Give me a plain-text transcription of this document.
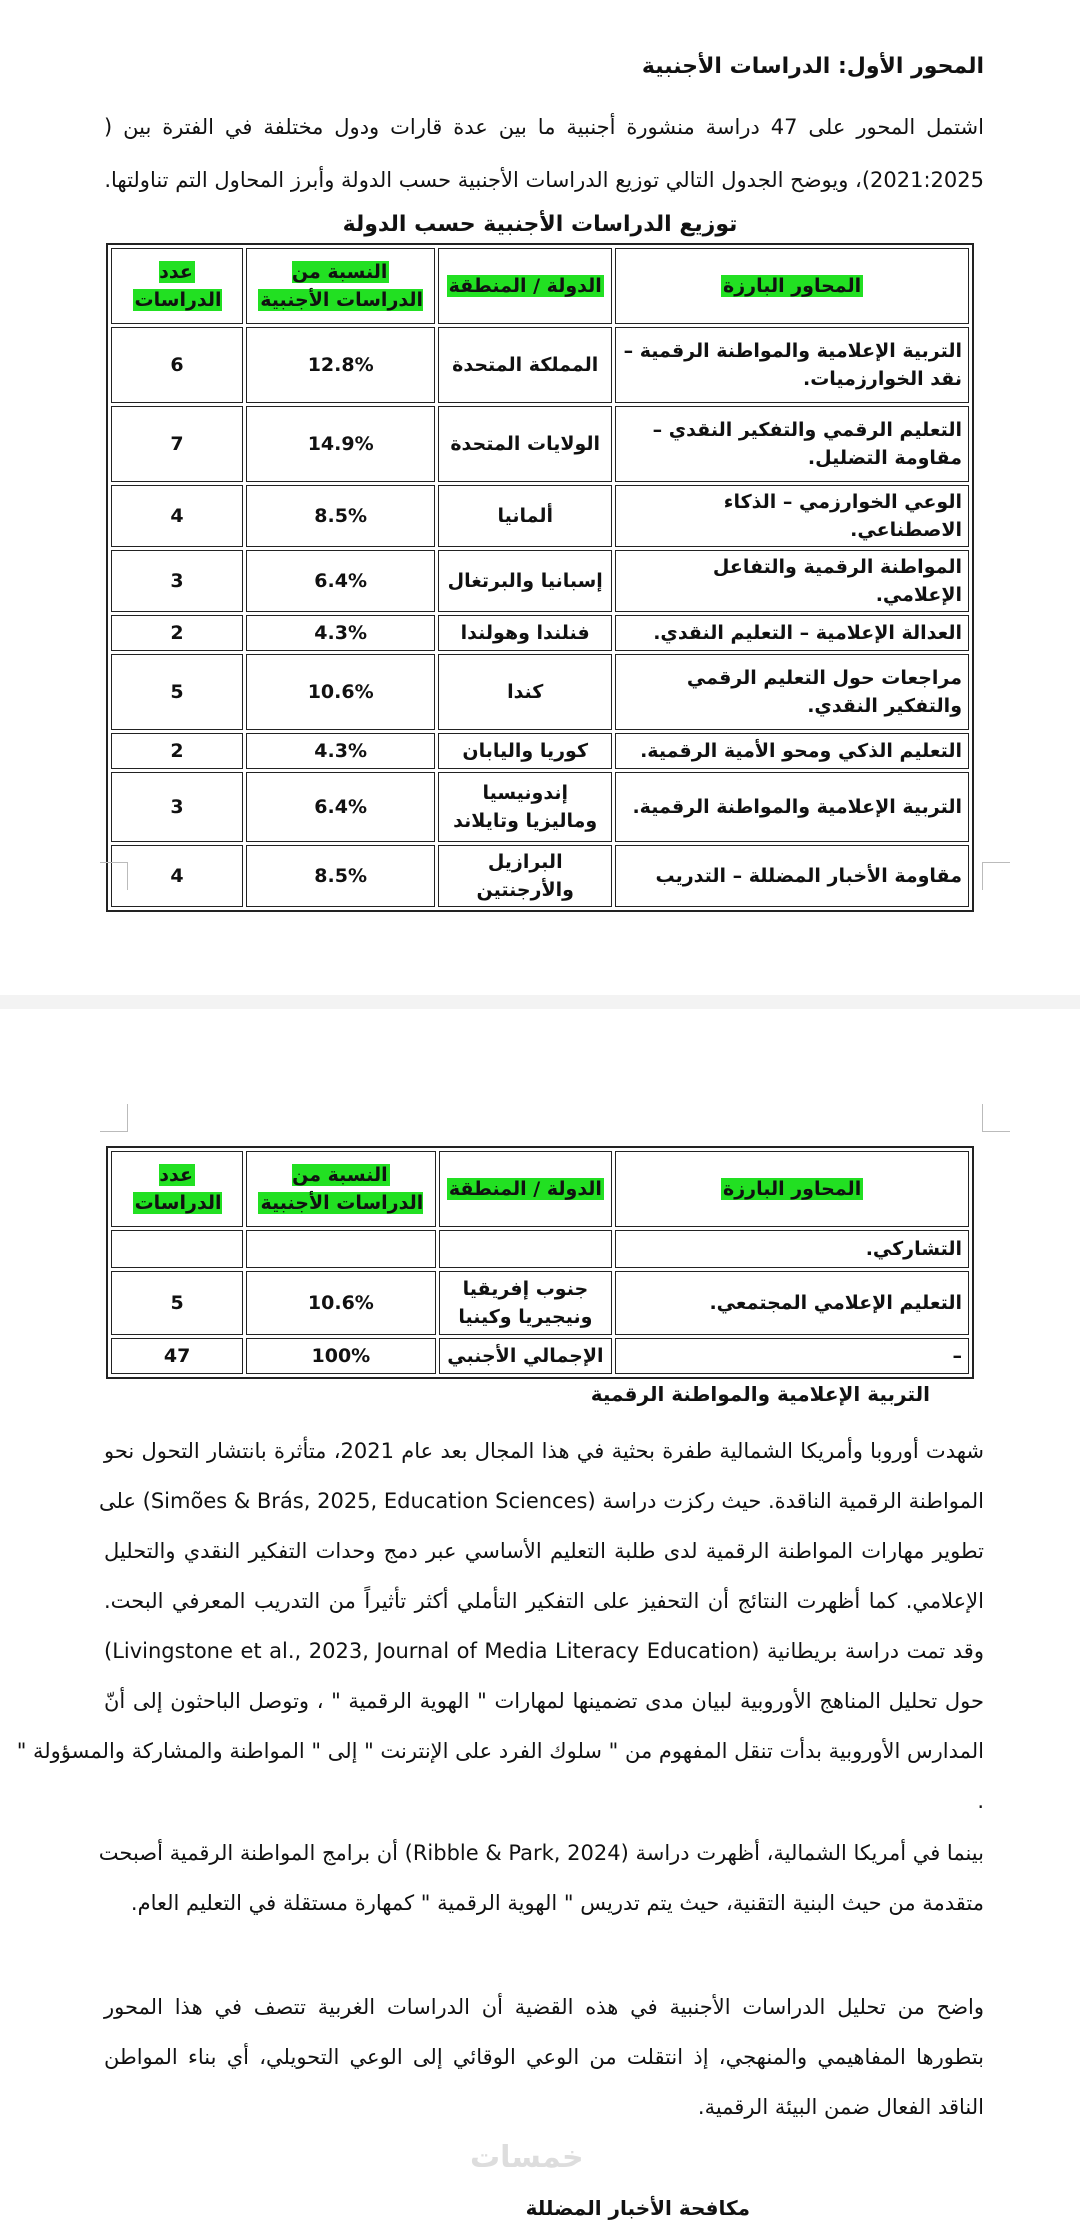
المحور الأول: الدراسات الأجنبية
اشتمل المحور على 47 دراسة منشورة أجنبية ما بين عدة قارات ودول مختلفة في الفترة بين (
2021:2025)، ويوضح الجدول التالي توزيع الدراسات الأجنبية حسب الدولة وأبرز المحاول التم تناولتها.
توزيع الدراسات الأجنبية حسب الدولة
المحاور البارزة	الدولة / المنطقة	النسبة من الدراسات الأجنبية	عدد الدراسات
التربية الإعلامية والمواطنة الرقمية – نقد الخوارزميات.	المملكة المتحدة	12.8%	6
التعليم الرقمي والتفكير النقدي – مقاومة التضليل.	الولايات المتحدة	14.9%	7
الوعي الخوارزمي – الذكاء الاصطناعي.	ألمانيا	8.5%	4
المواطنة الرقمية والتفاعل الإعلامي.	إسبانيا والبرتغال	6.4%	3
العدالة الإعلامية – التعليم النقدي.	فنلندا وهولندا	4.3%	2
مراجعات حول التعليم الرقمي والتفكير النقدي.	كندا	10.6%	5
التعليم الذكي ومحو الأمية الرقمية.	كوريا واليابان	4.3%	2
التربية الإعلامية والمواطنة الرقمية.	إندونيسيا وماليزيا وتايلاند	6.4%	3
مقاومة الأخبار المضللة – التدريب	البرازيل والأرجنتين	8.5%	4
المحاور البارزة	الدولة / المنطقة	النسبة من الدراسات الأجنبية	عدد الدراسات
التشاركي.			
التعليم الإعلامي المجتمعي.	جنوب إفريقيا ونيجيريا وكينيا	10.6%	5
–	الإجمالي الأجنبي	100%	47
التربية الإعلامية والمواطنة الرقمية
شهدت أوروبا وأمريكا الشمالية طفرة بحثية في هذا المجال بعد عام 2021، متأثرة بانتشار التحول نحو
المواطنة الرقمية الناقدة. حيث ركزت دراسة (Simões & Brás, 2025, Education Sciences) على
تطوير مهارات المواطنة الرقمية لدى طلبة التعليم الأساسي عبر دمج وحدات التفكير النقدي والتحليل
الإعلامي. كما أظهرت النتائج أن التحفيز على التفكير التأملي أكثر تأثيراً من التدريب المعرفي البحت.
وقد تمت دراسة بريطانية (Livingstone et al., 2023, Journal of Media Literacy Education)
حول تحليل المناهج الأوروبية لبيان مدى تضمينها لمهارات " الهوية الرقمية " ، وتوصل الباحثون إلى أنّ
المدارس الأوروبية بدأت تنقل المفهوم من " سلوك الفرد على الإنترنت " إلى " المواطنة والمشاركة والمسؤولة "
.
بينما في أمريكا الشمالية، أظهرت دراسة (Ribble & Park, 2024) أن برامج المواطنة الرقمية أصبحت
متقدمة من حيث البنية التقنية، حيث يتم تدريس " الهوية الرقمية " كمهارة مستقلة في التعليم العام.
واضح من تحليل الدراسات الأجنبية في هذه القضية أن الدراسات الغربية تتصف في هذا المحور
بتطورها المفاهيمي والمنهجي، إذ انتقلت من الوعي الوقائي إلى الوعي التحويلي، أي بناء المواطن
الناقد الفعال ضمن البيئة الرقمية.
خمسات
مكافحة الأخبار المضللة
